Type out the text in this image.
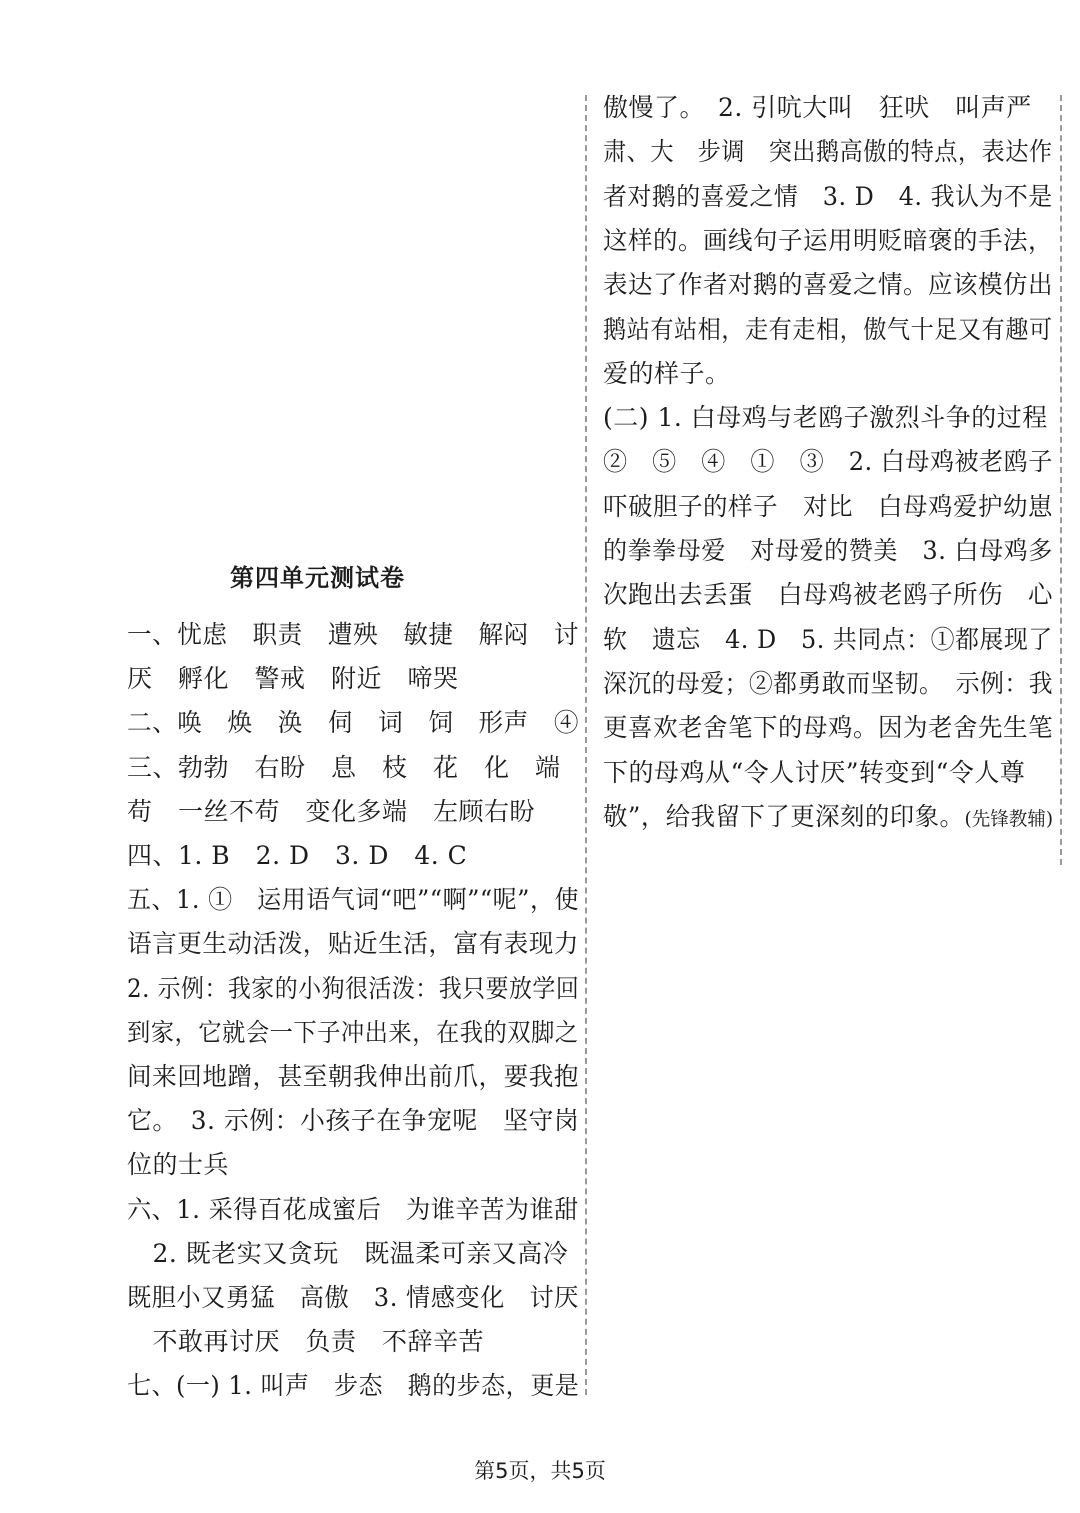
第四单元测试卷
一、忧虑　职责　遭殃　敏捷　解闷　讨
厌　孵化　警戒　附近　啼哭
二、唤　焕　涣　伺　词　饲　形声　④
三、勃勃　右盼　息　枝　花　化　端
苟　一丝不苟　变化多端　左顾右盼
四、1. B　2. D　3. D　4. C
五、1. ①　运用语气词“吧”“啊”“呢”，使
语言更生动活泼，贴近生活，富有表现力
2. 示例：我家的小狗很活泼：我只要放学回
到家，它就会一下子冲出来，在我的双脚之
间来回地蹭，甚至朝我伸出前爪，要我抱
它。　3. 示例：小孩子在争宠呢　坚守岗
位的士兵
六、1. 采得百花成蜜后　为谁辛苦为谁甜
　2. 既老实又贪玩　既温柔可亲又高冷
既胆小又勇猛　高傲　3. 情感变化　讨厌
　不敢再讨厌　负责　不辞辛苦
七、(一) 1. 叫声　步态　鹅的步态，更是
傲慢了。　2. 引吭大叫　狂吠　叫声严
肃、大　步调　突出鹅高傲的特点，表达作
者对鹅的喜爱之情　3. D　4. 我认为不是
这样的。画线句子运用明贬暗褒的手法，
表达了作者对鹅的喜爱之情。应该模仿出
鹅站有站相，走有走相，傲气十足又有趣可
爱的样子。
(二) 1. 白母鸡与老鸥子激烈斗争的过程
②　⑤　④　①　③　2. 白母鸡被老鸥子
吓破胆子的样子　对比　白母鸡爱护幼崽
的拳拳母爱　对母爱的赞美　3. 白母鸡多
次跑出去丢蛋　白母鸡被老鸥子所伤　心
软　遗忘　4. D　5. 共同点：①都展现了
深沉的母爱；②都勇敢而坚韧。　示例：我
更喜欢老舍笔下的母鸡。因为老舍先生笔
下的母鸡从“令人讨厌”转变到“令人尊
敬”，给我留下了更深刻的印象。(先锋教辅)
第5页，共5页
